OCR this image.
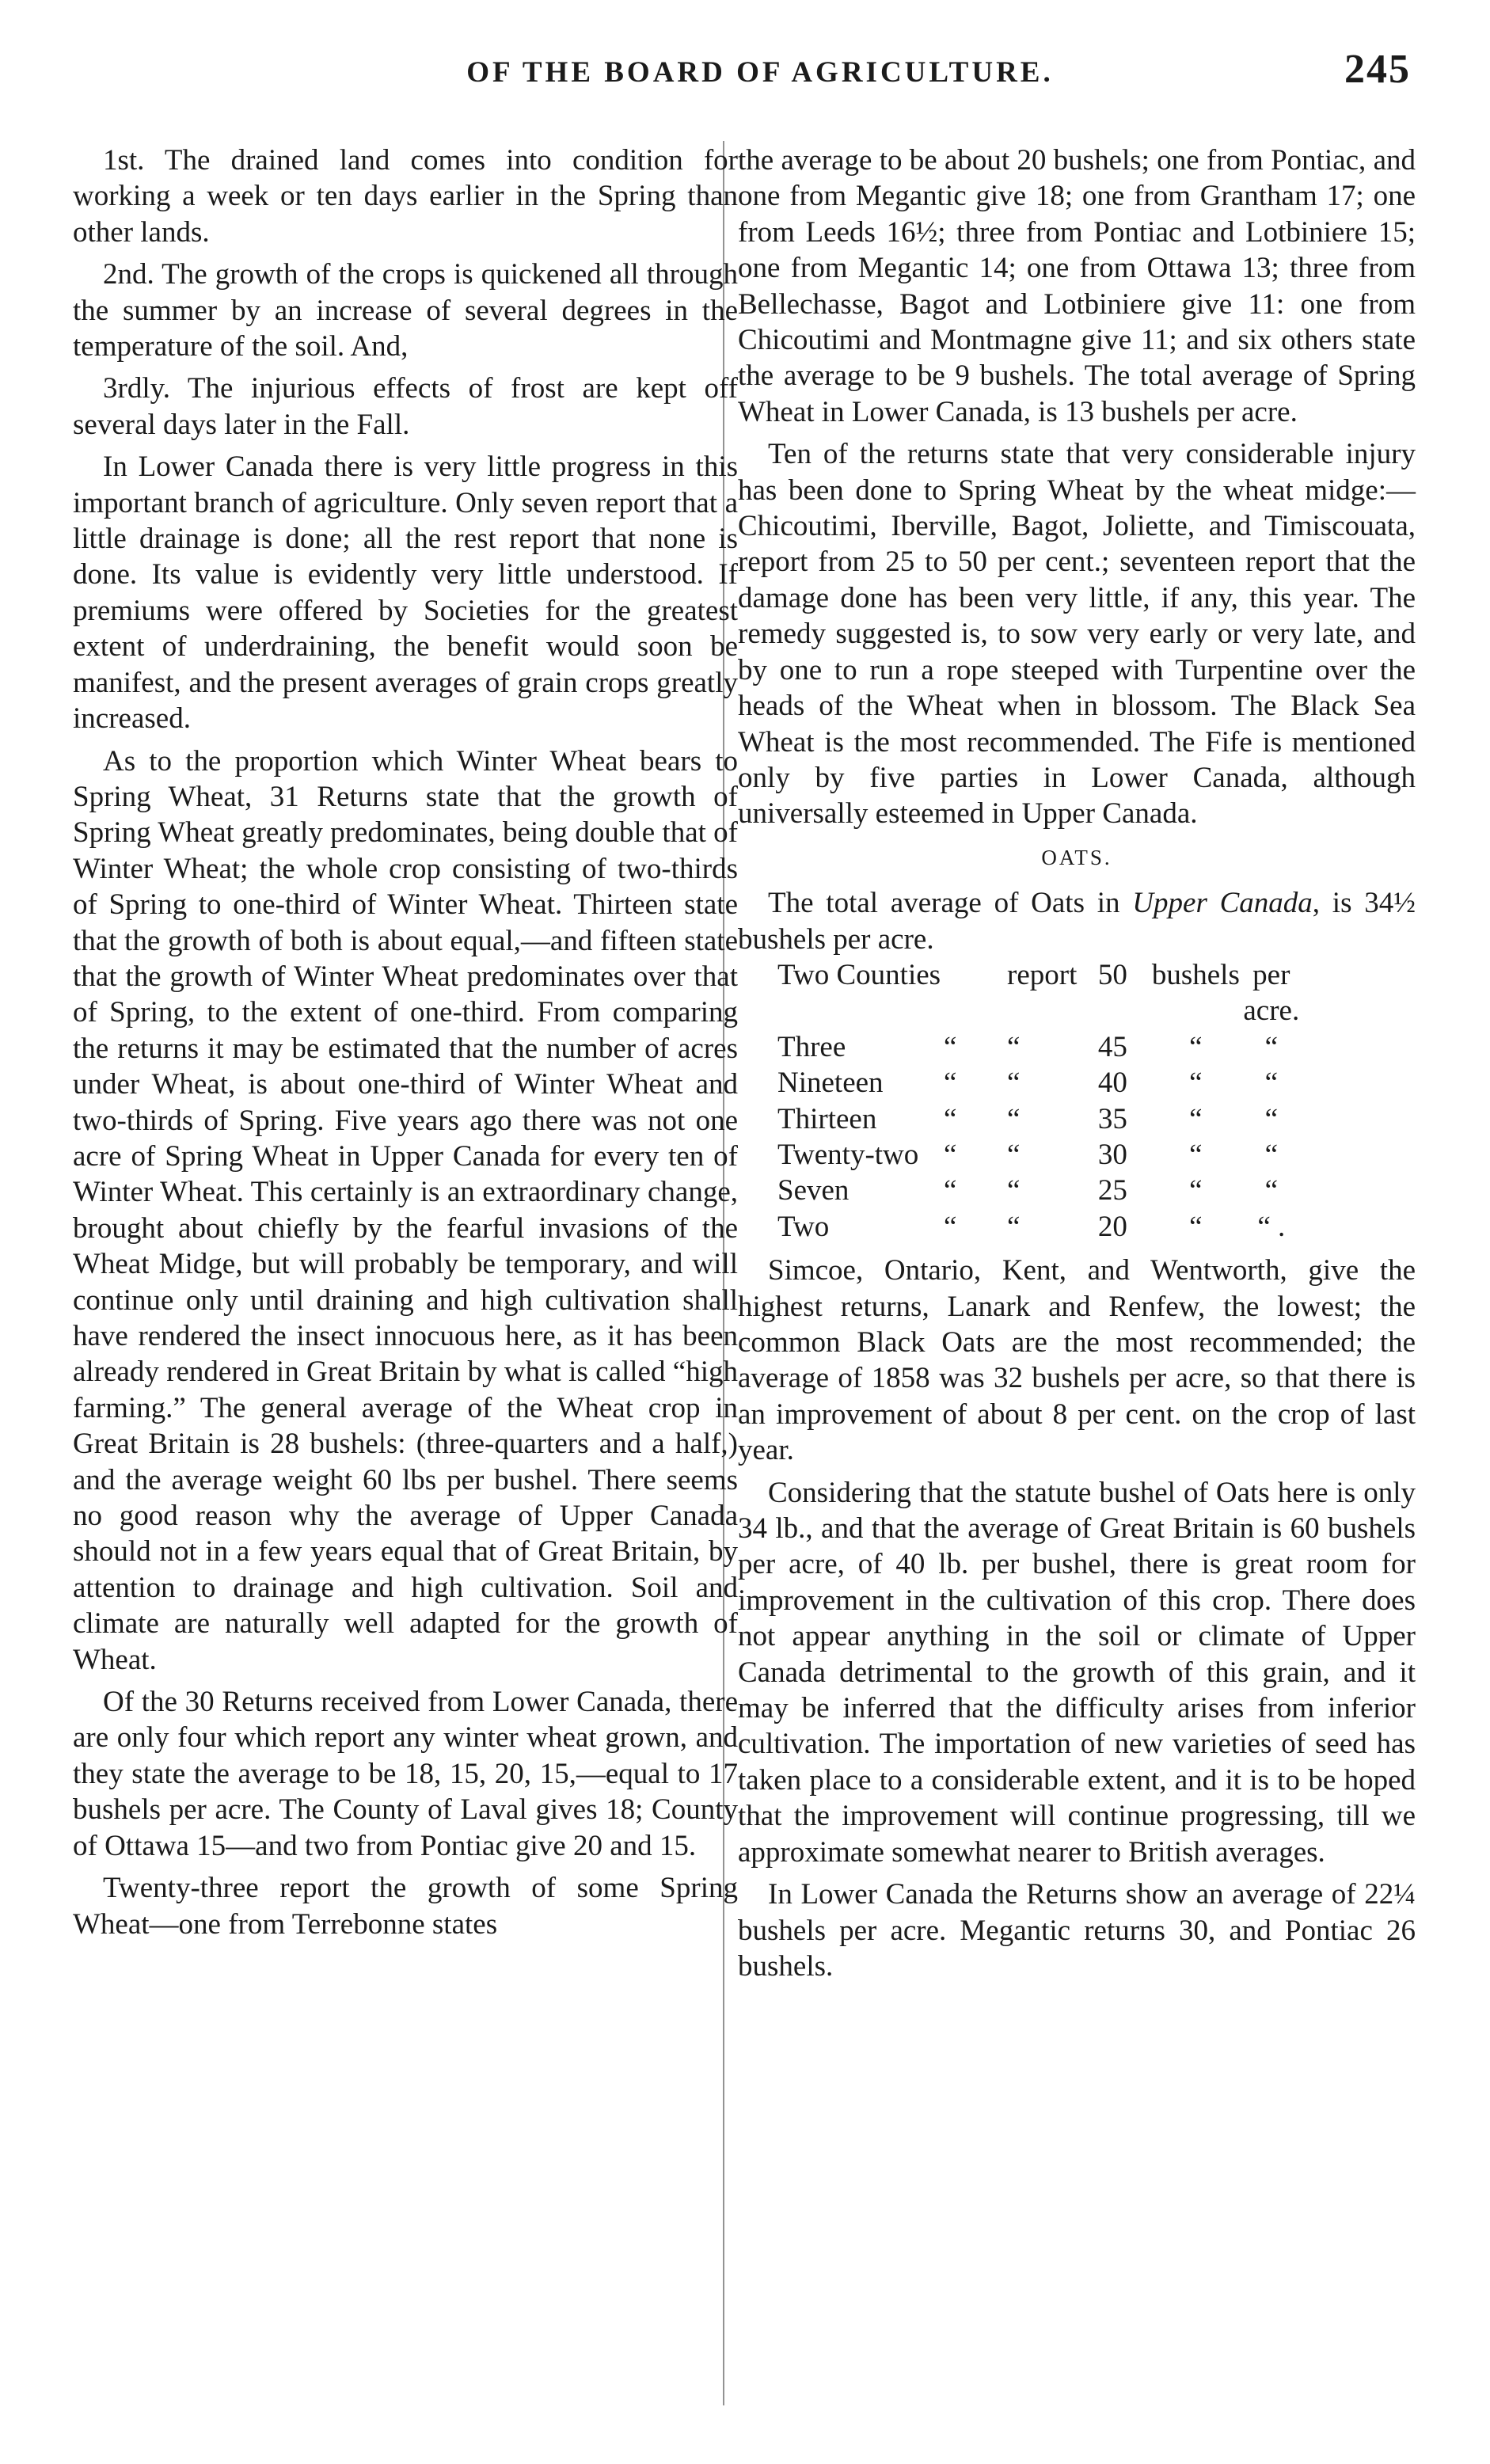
OF THE BOARD OF AGRICULTURE.	245

1st. The drained land comes into condition for working a week or ten days earlier in the Spring than other lands.

2nd. The growth of the crops is quickened all through the summer by an increase of several degrees in the temperature of the soil. And,

3rdly. The injurious effects of frost are kept off several days later in the Fall.

In Lower Canada there is very little progress in this important branch of agriculture. Only seven report that a little drainage is done; all the rest report that none is done. Its value is evidently very little understood. If premiums were offered by Societies for the greatest extent of underdraining, the benefit would soon be manifest, and the present averages of grain crops greatly increased.

As to the proportion which Winter Wheat bears to Spring Wheat, 31 Returns state that the growth of Spring Wheat greatly predominates, being double that of Winter Wheat; the whole crop consisting of two-thirds of Spring to one-third of Winter Wheat. Thirteen state that the growth of both is about equal,—and fifteen state that the growth of Winter Wheat predominates over that of Spring, to the extent of one-third. From comparing the returns it may be estimated that the number of acres under Wheat, is about one-third of Winter Wheat and two-thirds of Spring. Five years ago there was not one acre of Spring Wheat in Upper Canada for every ten of Winter Wheat. This certainly is an extraordinary change, brought about chiefly by the fearful invasions of the Wheat Midge, but will probably be temporary, and will continue only until draining and high cultivation shall have rendered the insect innocuous here, as it has been already rendered in Great Britain by what is called “high farming.” The general average of the Wheat crop in Great Britain is 28 bushels: (three-quarters and a half,) and the average weight 60 lbs per bushel. There seems no good reason why the average of Upper Canada should not in a few years equal that of Great Britain, by attention to drainage and high cultivation. Soil and climate are naturally well adapted for the growth of Wheat.

Of the 30 Returns received from Lower Canada, there are only four which report any winter wheat grown, and they state the average to be 18, 15, 20, 15,—equal to 17 bushels per acre. The County of Laval gives 18; County of Ottawa 15—and two from Pontiac give 20 and 15.

Twenty-three report the growth of some Spring Wheat—one from Terrebonne states

the average to be about 20 bushels; one from Pontiac, and one from Megantic give 18; one from Grantham 17; one from Leeds 16½; three from Pontiac and Lotbiniere 15; one from Megantic 14; one from Ottawa 13; three from Bellechasse, Bagot and Lotbiniere give 11: one from Chicoutimi and Montmagne give 11; and six others state the average to be 9 bushels. The total average of Spring Wheat in Lower Canada, is 13 bushels per acre.

Ten of the returns state that very considerable injury has been done to Spring Wheat by the wheat midge:—Chicoutimi, Iberville, Bagot, Joliette, and Timiscouata, report from 25 to 50 per cent.; seventeen report that the damage done has been very little, if any, this year. The remedy suggested is, to sow very early or very late, and by one to run a rope steeped with Turpentine over the heads of the Wheat when in blossom. The Black Sea Wheat is the most recommended. The Fife is mentioned only by five parties in Lower Canada, although universally esteemed in Upper Canada.

OATS.

The total average of Oats in Upper Canada, is 34½ bushels per acre.

Two Counties		report	50	bushels	per acre.
Three	“	“	45	“	“
Nineteen	“	“	40	“	“
Thirteen	“	“	35	“	“
Twenty-two	“	“	30	“	“
Seven	“	“	25	“	“
Two	“	“	20	“	“ .

Simcoe, Ontario, Kent, and Wentworth, give the highest returns, Lanark and Renfew, the lowest; the common Black Oats are the most recommended; the average of 1858 was 32 bushels per acre, so that there is an improvement of about 8 per cent. on the crop of last year.

Considering that the statute bushel of Oats here is only 34 lb., and that the average of Great Britain is 60 bushels per acre, of 40 lb. per bushel, there is great room for improvement in the cultivation of this crop. There does not appear anything in the soil or climate of Upper Canada detrimental to the growth of this grain, and it may be inferred that the difficulty arises from inferior cultivation. The importation of new varieties of seed has taken place to a considerable extent, and it is to be hoped that the improvement will continue progressing, till we approximate somewhat nearer to British averages.

In Lower Canada the Returns show an average of 22¼ bushels per acre. Megantic returns 30, and Pontiac 26 bushels.
